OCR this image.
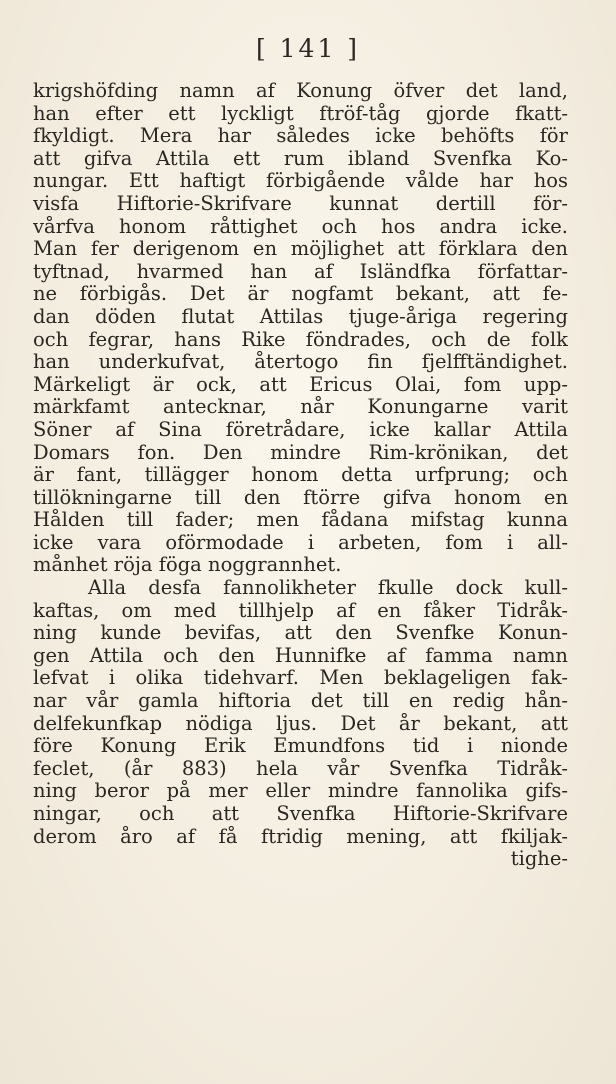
[ 141 ]
krigshöfding namn af Konung öfver det land,
han efter ett lyckligt ftröf-tåg gjorde fkatt-
fkyldigt. Mera har således icke behöfts för
att gifva Attila ett rum ibland Svenfka Ko-
nungar. Ett haftigt förbigående vålde har hos
visfa Hiftorie-Skrifvare kunnat dertill för-
vårfva honom råttighet och hos andra icke.
Man fer derigenom en möjlighet att förklara den
tyftnad, hvarmed han af Isländfka författar-
ne förbigås. Det är nogfamt bekant, att fe-
dan döden flutat Attilas tjuge-åriga regering
och fegrar, hans Rike föndrades, och de folk
han underkufvat, återtogo fin fjelfftändighet.
Märkeligt är ock, att Ericus Olai, fom upp-
märkfamt antecknar, når Konungarne varit
Söner af Sina företrådare, icke kallar Attila
Domars fon. Den mindre Rim-krönikan, det
är fant, tillägger honom detta urfprung; och
tillökningarne till den ftörre gifva honom en
Hålden till fader; men fådana mifstag kunna
icke vara oförmodade i arbeten, fom i all-
månhet röja föga noggrannhet.
Alla desfa fannolikheter fkulle dock kull-
kaftas, om med tillhjelp af en fåker Tidråk-
ning kunde bevifas, att den Svenfke Konun-
gen Attila och den Hunnifke af famma namn
lefvat i olika tidehvarf. Men beklageligen fak-
nar vår gamla hiftoria det till en redig hån-
delfekunfkap nödiga ljus. Det år bekant, att
före Konung Erik Emundfons tid i nionde
feclet, (år 883) hela vår Svenfka Tidråk-
ning beror på mer eller mindre fannolika gifs-
ningar, och att Svenfka Hiftorie-Skrifvare
derom åro af få ftridig mening, att fkiljak-
tighe-
